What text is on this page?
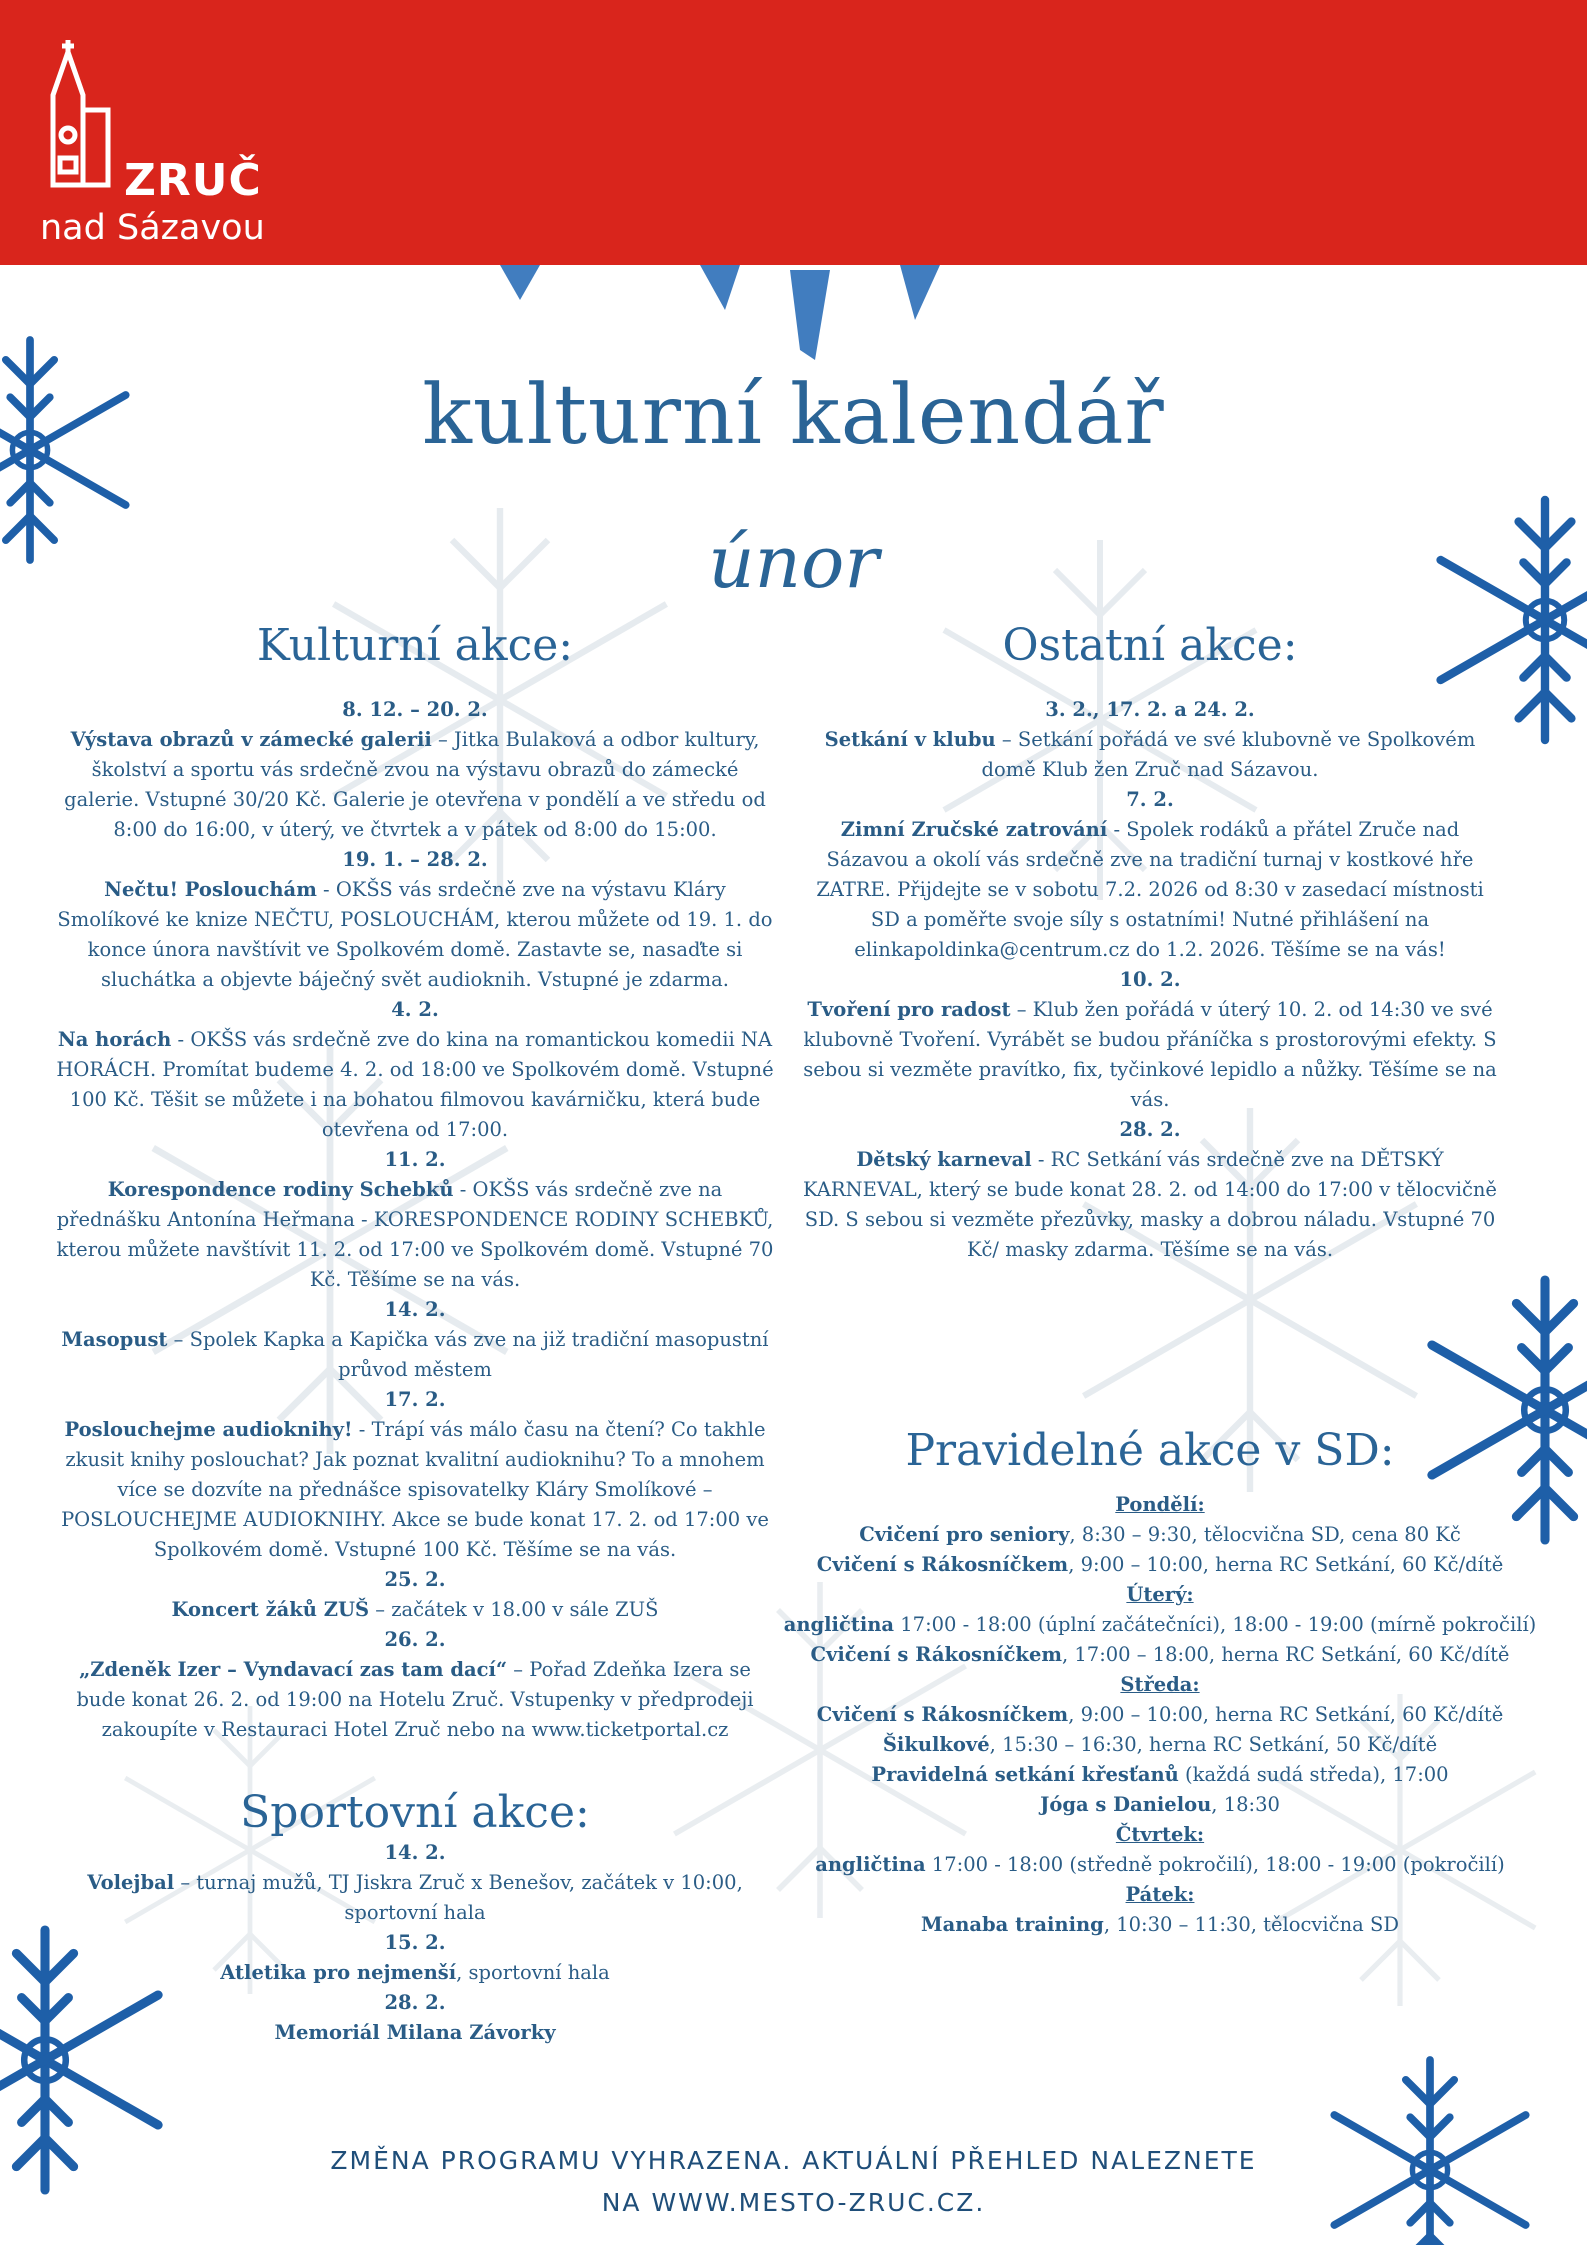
ZRUČ
nad Sázavou
kulturní kalendář
únor
Kulturní akce:

8. 12. – 20. 2.

Výstava obrazů v zámecké galerii – Jitka Bulaková a odbor kultury, školství a sportu vás srdečně zvou na výstavu obrazů do zámecké galerie. Vstupné 30/20 Kč. Galerie je otevřena v pondělí a ve středu od 8:00 do 16:00, v úterý, ve čtvrtek a v pátek od 8:00 do 15:00.

19. 1. – 28. 2.

Nečtu! Poslouchám - OKŠS vás srdečně zve na výstavu Kláry Smolíkové ke knize NEČTU, POSLOUCHÁM, kterou můžete od 19. 1. do konce února navštívit ve Spolkovém domě. Zastavte se, nasaďte si sluchátka a objevte báječný svět audioknih. Vstupné je zdarma.

4. 2.

Na horách - OKŠS vás srdečně zve do kina na romantickou komedii NA HORÁCH. Promítat budeme 4. 2. od 18:00 ve Spolkovém domě. Vstupné 100 Kč. Těšit se můžete i na bohatou filmovou kavárničku, která bude otevřena od 17:00.

11. 2.

Korespondence rodiny Schebků - OKŠS vás srdečně zve na přednášku Antonína Heřmana - KORESPONDENCE RODINY SCHEBKŮ, kterou můžete navštívit 11. 2. od 17:00 ve Spolkovém domě. Vstupné 70 Kč. Těšíme se na vás.

14. 2.

Masopust – Spolek Kapka a Kapička vás zve na již tradiční masopustní průvod městem

17. 2.

Poslouchejme audioknihy! - Trápí vás málo času na čtení? Co takhle zkusit knihy poslouchat? Jak poznat kvalitní audioknihu? To a mnohem více se dozvíte na přednášce spisovatelky Kláry Smolíkové – POSLOUCHEJME AUDIOKNIHY. Akce se bude konat 17. 2. od 17:00 ve Spolkovém domě. Vstupné 100 Kč. Těšíme se na vás.

25. 2.

Koncert žáků ZUŠ – začátek v 18.00 v sále ZUŠ

26. 2.

„Zdeněk Izer – Vyndavací zas tam dací“ – Pořad Zdeňka Izera se bude konat 26. 2. od 19:00 na Hotelu Zruč. Vstupenky v předprodeji zakoupíte v Restauraci Hotel Zruč nebo na www.ticketportal.cz

Sportovní akce:

14. 2.

Volejbal – turnaj mužů, TJ Jiskra Zruč x Benešov, začátek v 10:00, sportovní hala

15. 2.

Atletika pro nejmenší, sportovní hala

28. 2.

Memoriál Milana Závorky

Ostatní akce:

3. 2., 17. 2. a 24. 2.

Setkání v klubu – Setkání pořádá ve své klubovně ve Spolkovém domě Klub žen Zruč nad Sázavou.

7. 2.

Zimní Zručské zatrování - Spolek rodáků a přátel Zruče nad Sázavou a okolí vás srdečně zve na tradiční turnaj v kostkové hře ZATRE. Přijdejte se v sobotu 7.2. 2026 od 8:30 v zasedací místnosti SD a poměřte svoje síly s ostatními! Nutné přihlášení na elinkapoldinka@centrum.cz do 1.2. 2026. Těšíme se na vás!

10. 2.

Tvoření pro radost – Klub žen pořádá v úterý 10. 2. od 14:30 ve své klubovně Tvoření. Vyrábět se budou přáníčka s prostorovými efekty. S sebou si vezměte pravítko, fix, tyčinkové lepidlo a nůžky. Těšíme se na vás.

28. 2.

Dětský karneval - RC Setkání vás srdečně zve na DĚTSKÝ KARNEVAL, který se bude konat 28. 2. od 14:00 do 17:00 v tělocvičně SD. S sebou si vezměte přezůvky, masky a dobrou náladu. Vstupné 70 Kč/ masky zdarma. Těšíme se na vás.

Pravidelné akce v SD:

Pondělí:

Cvičení pro seniory, 8:30 – 9:30, tělocvična SD, cena 80 Kč

Cvičení s Rákosníčkem, 9:00 – 10:00, herna RC Setkání, 60 Kč/dítě

Úterý:

angličtina 17:00 - 18:00 (úplní začátečníci), 18:00 - 19:00 (mírně pokročilí)

Cvičení s Rákosníčkem, 17:00 – 18:00, herna RC Setkání, 60 Kč/dítě

Středa:

Cvičení s Rákosníčkem, 9:00 – 10:00, herna RC Setkání, 60 Kč/dítě

Šikulkové, 15:30 – 16:30, herna RC Setkání, 50 Kč/dítě

Pravidelná setkání křesťanů (každá sudá středa), 17:00

Jóga s Danielou, 18:30

Čtvrtek:

angličtina 17:00 - 18:00 (středně pokročilí), 18:00 - 19:00 (pokročilí)

Pátek:

Manaba training, 10:30 – 11:30, tělocvična SD

ZMĚNA PROGRAMU VYHRAZENA. AKTUÁLNÍ PŘEHLED NALEZNETE
NA WWW.MESTO-ZRUC.CZ.
